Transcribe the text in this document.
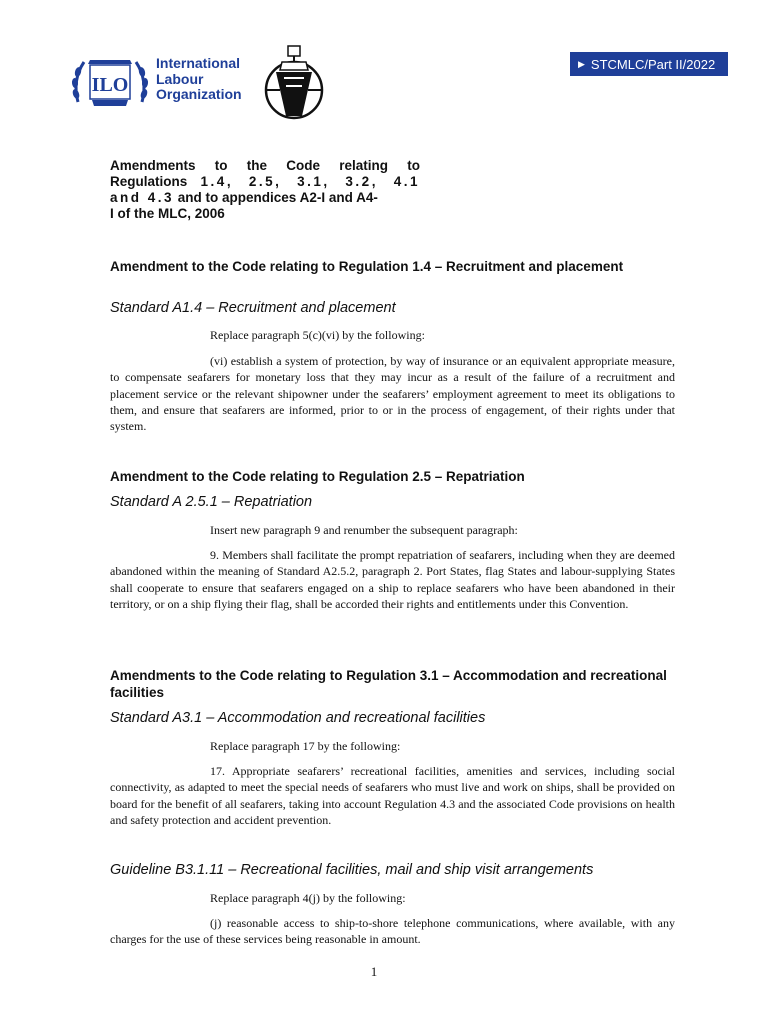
ILO
International
Labour
Organization
▶ STCMLC/Part II/2022
Amendments to the Code relating to
Regulations 1.4, 2.5, 3.1, 3.2, 4.1
and 4.3 and to appendices A2-I and A4-
I of the MLC, 2006
Amendment to the Code relating to Regulation 1.4 – Recruitment and placement
Standard A1.4 – Recruitment and placement
Replace paragraph 5(c)(vi) by the following:
(vi) establish a system of protection, by way of insurance or an equivalent appropriate measure, to compensate seafarers for monetary loss that they may incur as a result of the failure of a recruitment and placement service or the relevant shipowner under the seafarers’ employment agreement to meet its obligations to them, and ensure that seafarers are informed, prior to or in the process of engagement, of their rights under that system.
Amendment to the Code relating to Regulation 2.5 – Repatriation
Standard A 2.5.1 – Repatriation
Insert new paragraph 9 and renumber the subsequent paragraph:
9. Members shall facilitate the prompt repatriation of seafarers, including when they are deemed abandoned within the meaning of Standard A2.5.2, paragraph 2. Port States, flag States and labour-supplying States shall cooperate to ensure that seafarers engaged on a ship to replace seafarers who have been abandoned in their territory, or on a ship flying their flag, shall be accorded their rights and entitlements under this Convention.
Amendments to the Code relating to Regulation 3.1 – Accommodation and recreational facilities
Standard A3.1 – Accommodation and recreational facilities
Replace paragraph 17 by the following:
17. Appropriate seafarers’ recreational facilities, amenities and services, including social connectivity, as adapted to meet the special needs of seafarers who must live and work on ships, shall be provided on board for the benefit of all seafarers, taking into account Regulation 4.3 and the associated Code provisions on health and safety protection and accident prevention.
Guideline B3.1.11 – Recreational facilities, mail and ship visit arrangements
Replace paragraph 4(j) by the following:
(j) reasonable access to ship-to-shore telephone communications, where available, with any charges for the use of these services being reasonable in amount.
1
